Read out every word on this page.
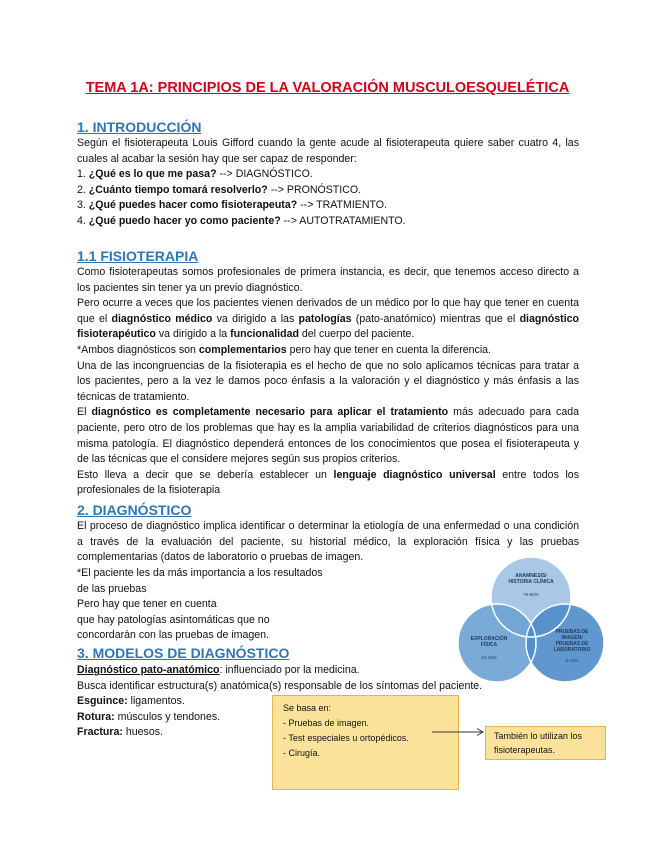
TEMA 1A: PRINCIPIOS DE LA VALORACIÓN MUSCULOESQUELÉTICA
1. INTRODUCCIÓN

Según el fisioterapeuta Louis Gifford cuando la gente acude al fisioterapeuta quiere saber cuatro 4, las cuales al acabar la sesión hay que ser capaz de responder:

1. ¿Qué es lo que me pasa? --> DIAGNÓSTICO.
2. ¿Cuánto tiempo tomará resolverlo? --> PRONÓSTICO.
3. ¿Qué puedes hacer como fisioterapeuta? --> TRATMIENTO.
4. ¿Qué puedo hacer yo como paciente? --> AUTOTRATAMIENTO.
1.1 FISIOTERAPIA
Como fisioterapeutas somos profesionales de primera instancia, es decir, que tenemos acceso directo a los pacientes sin tener ya un previo diagnóstico.
Pero ocurre a veces que los pacientes vienen derivados de un médico por lo que hay que tener en cuenta que el diagnóstico médico va dirigido a las patologías (pato-anatómico) mientras que el diagnóstico fisioterapéutico va dirigido a la funcionalidad del cuerpo del paciente.
*Ambos diagnósticos son complementarios pero hay que tener en cuenta la diferencia.
Una de las incongruencias de la fisioterapia es el hecho de que no solo aplicamos técnicas para tratar a los pacientes, pero a la vez le damos poco énfasis a la valoración y el diagnóstico y más énfasis a las técnicas de tratamiento.
El diagnóstico es completamente necesario para aplicar el tratamiento más adecuado para cada paciente, pero otro de los problemas que hay es la amplia variabilidad de criterios diagnósticos para una misma patología. El diagnóstico dependerá entonces de los conocimientos que posea el fisioterapeuta y de las técnicas que el considere mejores según sus propios criterios.
Esto lleva a decir que se debería establecer un lenguaje diagnóstico universal entre todos los profesionales de la fisioterapia
2. DIAGNÓSTICO

El proceso de diagnóstico implica identificar o determinar la etiología de una enfermedad o una condición a través de la evaluación del paciente, su historial médico, la exploración física y las pruebas complementarias (datos de laboratorio o pruebas de imagen.

*El paciente les da más importancia a los resultados
de las pruebas
Pero hay que tener en cuenta
que hay patologías asintomáticas que no
concordarán con las pruebas de imagen.
ANAMNESIS/
HISTORIA CLÍNICA
75-80%
EXPLORACIÓN
FÍSICA
10-15%
PRUEBAS DE
IMAGEN/
PRUEBAS DE
LABORATORIO
5-10%
3. MODELOS DE DIAGNÓSTICO
Diagnóstico pato-anatómico: influenciado por la medicina.
Busca identificar estructura(s) anatómica(s) responsable de los síntomas del paciente.
Esguince: ligamentos.
Rotura: músculos y tendones.
Fractura: huesos.
Se basa en:
- Pruebas de imagen.
- Test especiales u ortopédicos.
- Cirugía.
También lo utilizan los
fisioterapeutas.
